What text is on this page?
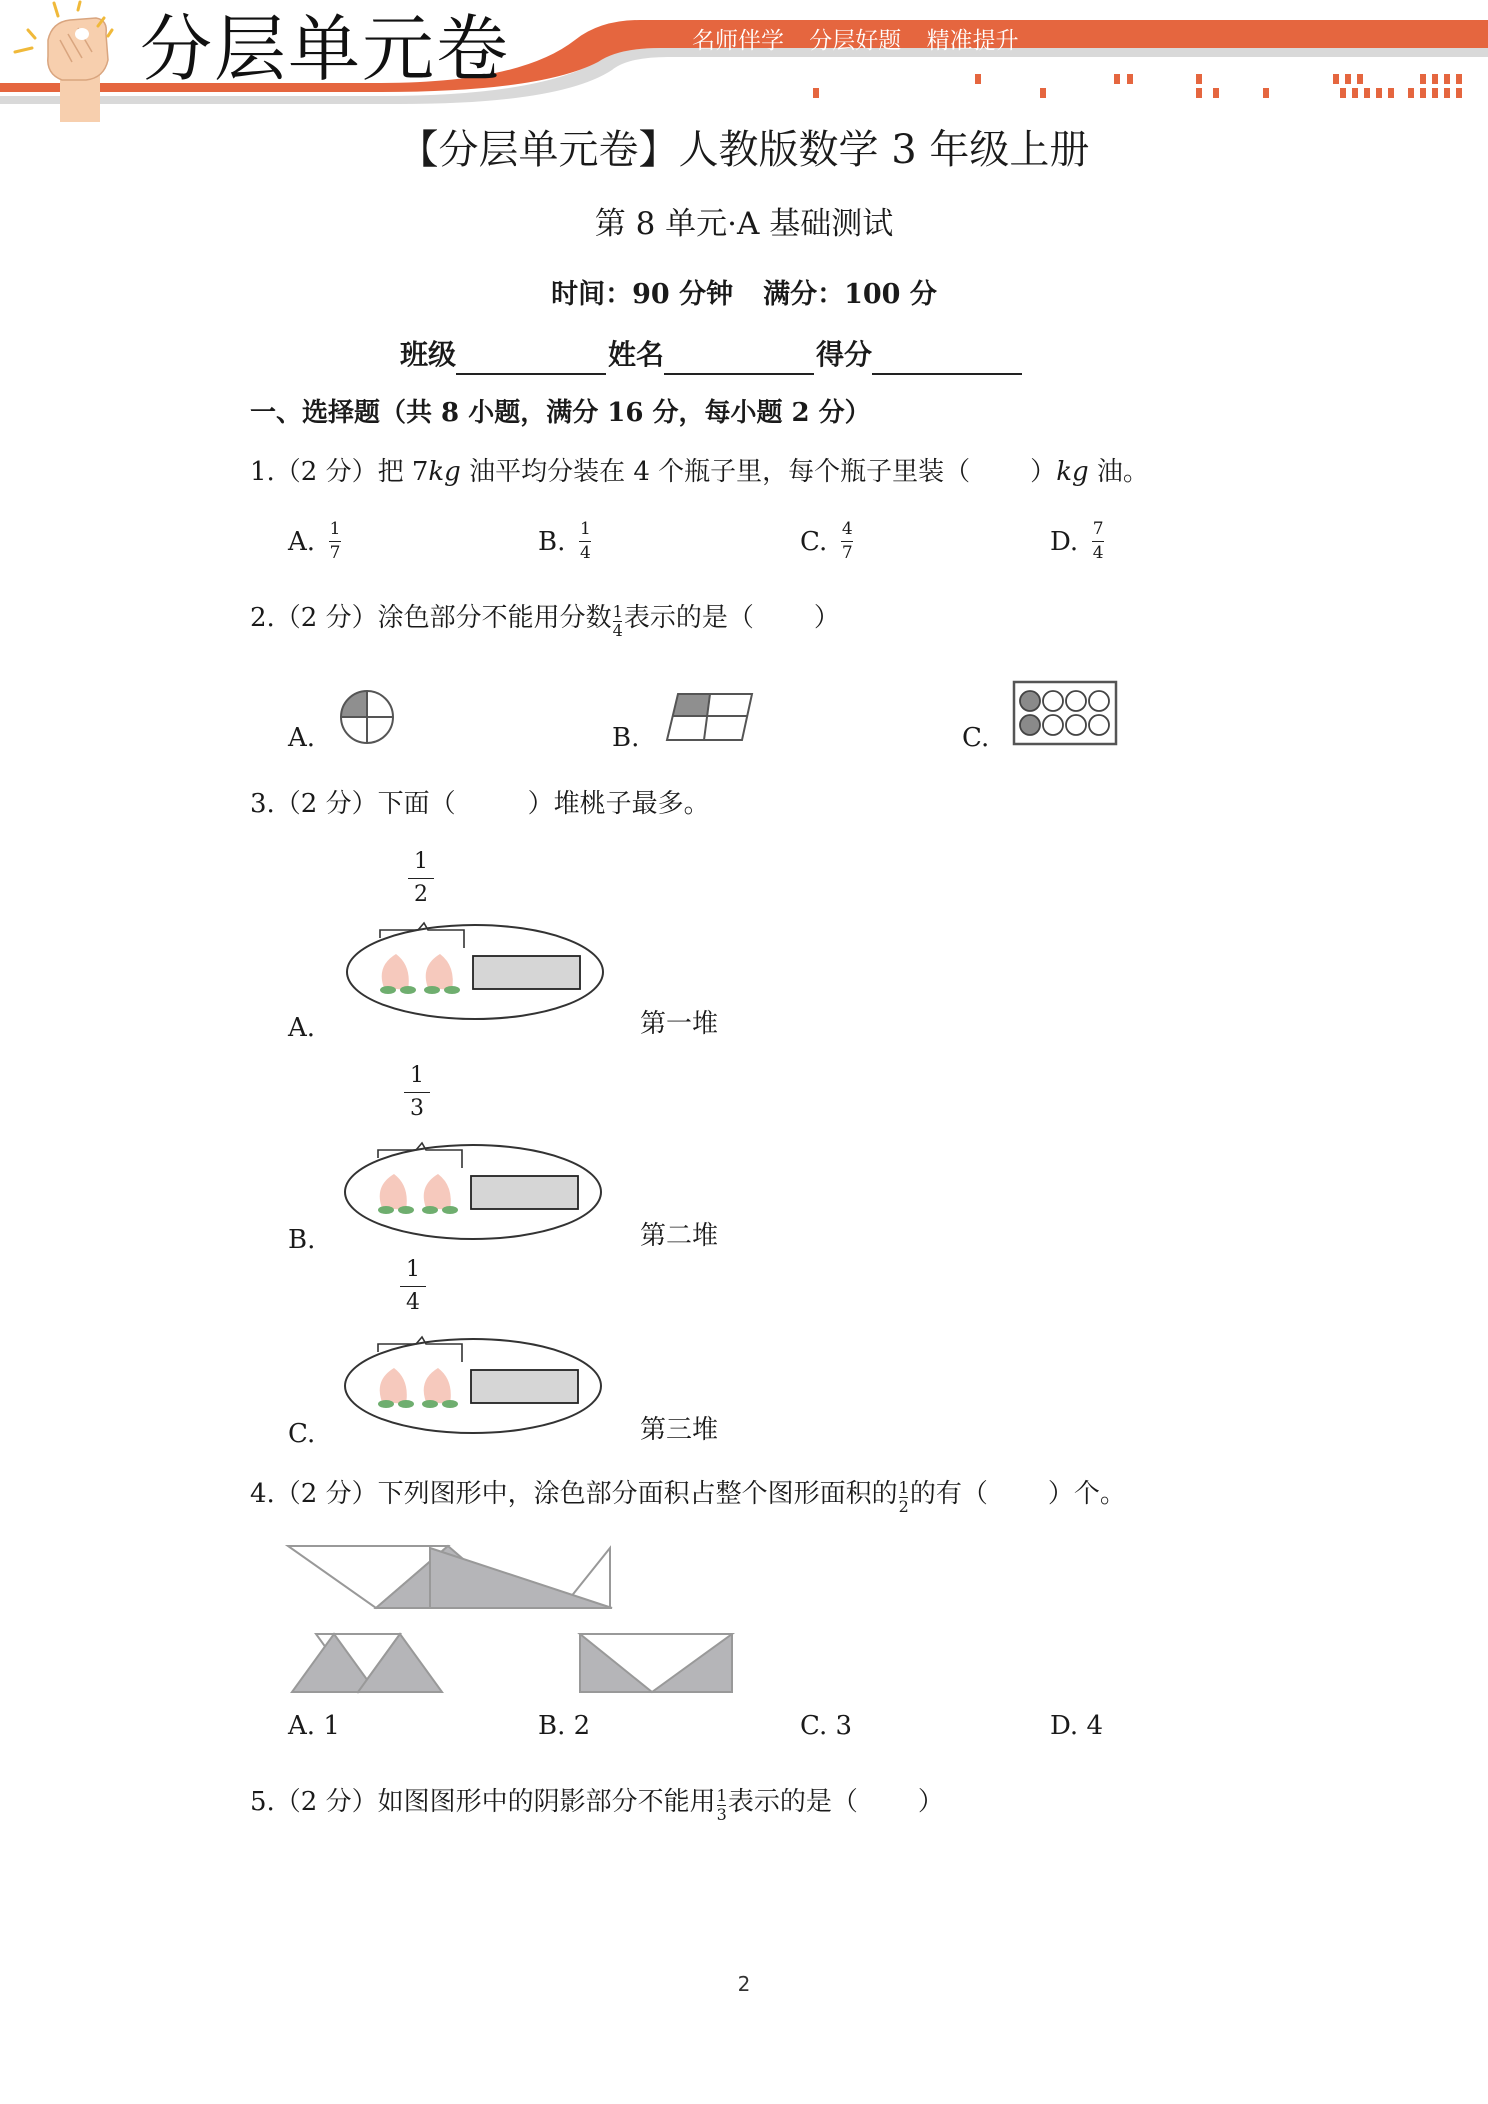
分层单元卷	名师伴学 分层好题 精准提升
【分层单元卷】人教版数学 3 年级上册
第 8 单元·A 基础测试
时间：90 分钟 满分：100 分
班级	姓名	得分
一、选择题（共 8 小题，满分 16 分，每小题 2 分）
1.（2 分）把 7kg 油平均分装在 4 个瓶子里，每个瓶子里装（ ）kg 油。
A. $\frac{1}{7}$	B. $\frac{1}{4}$	C. $\frac{4}{7}$	D. $\frac{7}{4}$
2.（2 分）涂色部分不能用分数 $\frac{1}{4}$ 表示的是（ ）
A.	B.	C.
3.（2 分）下面（	）堆桃子最多。
A.
1
2
第一堆
B.
1
3
第二堆
C.
1
4
第三堆
4.（2 分）下列图形中，涂色部分面积占整个图形面积的 $\frac{1}{2}$ 的有（ ）个。
A.
1	B.
2	C.
3	D.
4
5.（2 分）如图图形中的阴影部分不能用 $\frac{1}{3}$ 表示的是（ ）
2
